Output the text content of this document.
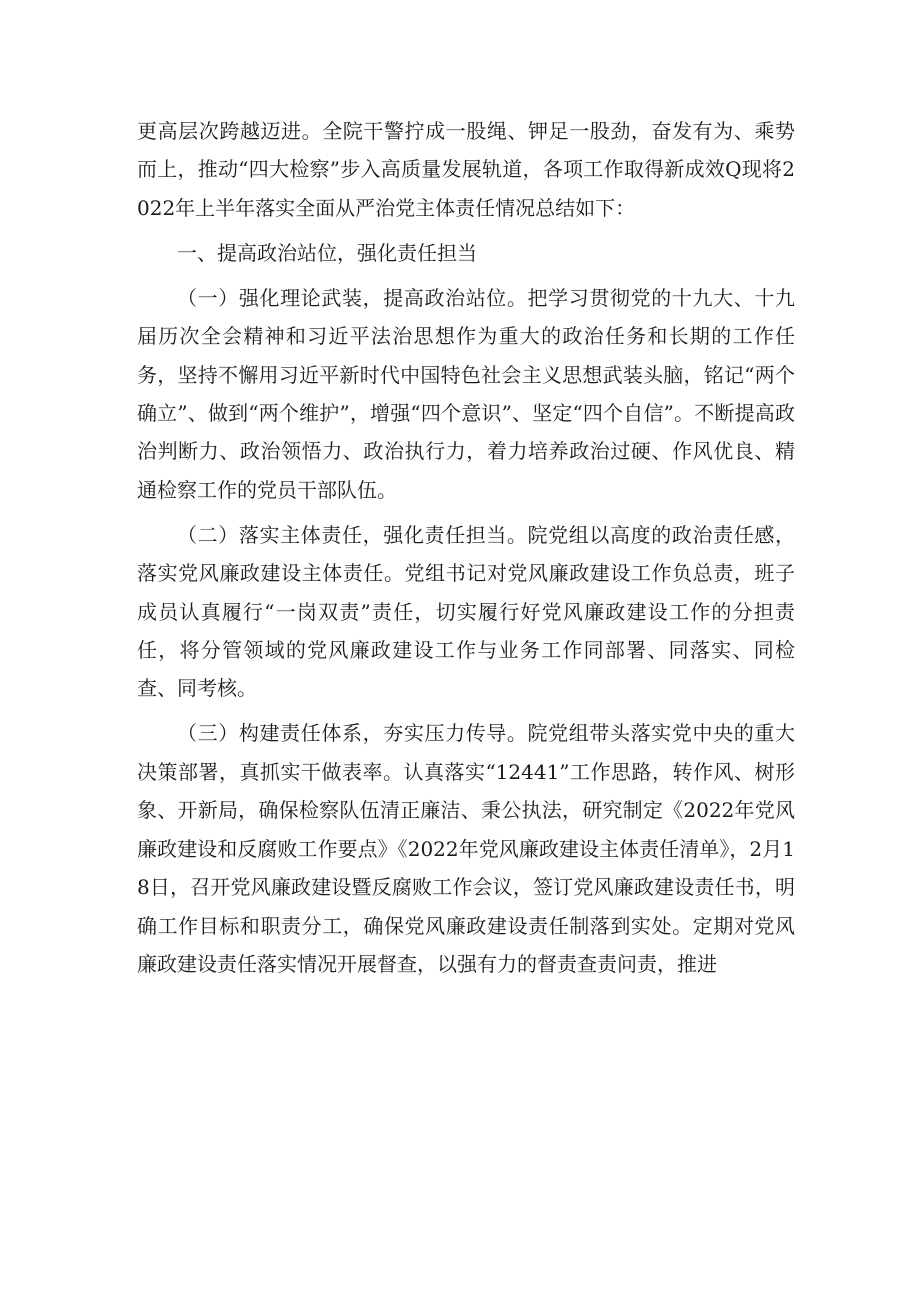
更高层次跨越迈进。全院干警拧成一股绳、钾足一股劲，奋发有为、乘势而上，推动“四大检察”步入高质量发展轨道，各项工作取得新成效Q现将2022年上半年落实全面从严治党主体责任情况总结如下：

一、提高政治站位，强化责任担当

（一）强化理论武装，提高政治站位。把学习贯彻党的十九大、十九届历次全会精神和习近平法治思想作为重大的政治任务和长期的工作任务，坚持不懈用习近平新时代中国特色社会主义思想武装头脑，铭记“两个确立”、做到“两个维护”，增强“四个意识”、坚定“四个自信”。不断提高政治判断力、政治领悟力、政治执行力，着力培养政治过硬、作风优良、精通检察工作的党员干部队伍。

（二）落实主体责任，强化责任担当。院党组以高度的政治责任感，落实党风廉政建设主体责任。党组书记对党风廉政建设工作负总责，班子成员认真履行“一岗双责”责任，切实履行好党风廉政建设工作的分担责任，将分管领域的党风廉政建设工作与业务工作同部署、同落实、同检查、同考核。

（三）构建责任体系，夯实压力传导。院党组带头落实党中央的重大决策部署，真抓实干做表率。认真落实“12441”工作思路，转作风、树形象、开新局，确保检察队伍清正廉洁、秉公执法，研究制定《2022年党风廉政建设和反腐败工作要点》《2022年党风廉政建设主体责任清单》，2月18日，召开党风廉政建设暨反腐败工作会议，签订党风廉政建设责任书，明确工作目标和职责分工，确保党风廉政建设责任制落到实处。定期对党风廉政建设责任落实情况开展督查，以强有力的督责查责问责，推进
